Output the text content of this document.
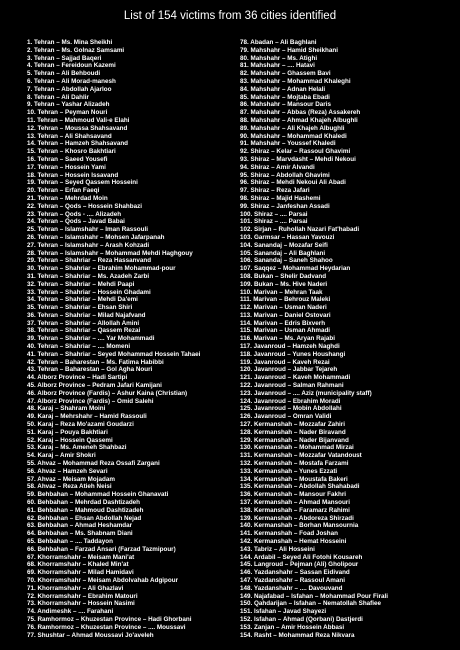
List of 154 victims from 36 cities identified
1. Tehran – Ms. Mina Sheikhi
2. Tehran – Ms. Golnaz Samsami
3. Tehran – Sajjad Baqeri
4. Tehran – Fereidoun Kazemi
5. Tehran – Ali Behboudi
6. Tehran – Ali Morad-manesh
7. Tehran – Abdollah Ajarloo
8. Tehran – Ali Dahlir
9. Tehran – Yashar Alizadeh
10. Tehran – Peyman Nouri
11. Tehran – Mahmoud Vali-e Elahi
12. Tehran – Moussa Shahsavand
13. Tehran – Ali Shahsavand
14. Tehran – Hamzeh Shahsavand
15. Tehran – Khosro Bakhtiari
16. Tehran – Saeed Yousefi
17. Tehran – Hossein Yami
18. Tehran – Hossein Issavand
19. Tehran – Seyed Qassem Hosseini
20. Tehran – Erfan Faeqi
21. Tehran – Mehrdad Moin
22. Tehran – Qods – Hossein Shahbazi
23. Tehran – Qods - .... Alizadeh
24. Tehran – Qods – Javad Babai
25. Tehran – Islamshahr – Iman Rassouli
26. Tehran – Islamshahr – Mohsen Jafarpanah
27. Tehran – Islamshahr – Arash Kohzadi
28. Tehran – Islamshahr – Mohammad Mehdi Haghgouy
29. Tehran – Shahriar – Reza Hassanvand
30. Tehran – Shahriar – Ebrahim Mohammad-pour
31. Tehran – Shahriar – Ms. Azadeh Zarbi
32. Tehran – Shahriar – Mehdi Paapi
33. Tehran – Shahriar – Hossein Ghadami
34. Tehran – Shahriar – Mehdi Da'emi
35. Tehran – Shahriar – Ehsan Shiri
36. Tehran – Shahriar – Milad Najafvand
37. Tehran – Shahriar – Allollah Amini
38. Tehran – Shahriar – Qassem Rezai
39. Tehran – Shahriar – .... Yar Mohammadi
40. Tehran – Shahriar – .... Momeni
41. Tehran – Shahriar – Seyed Mohammad Hossein Tahaei
42. Tehran – Baharestan – Ms. Fatima Habibbi
43. Tehran – Baharestan – Gol Agha Nouri
44. Alborz Province – Hadi Sartipi
45. Alborz Province – Pedram Jafari Kamijani
46. Alborz Province (Fardis) – Ashur Kaina (Christian)
47. Alborz Province (Fardis) – Omid Salehi
48. Karaj – Shahram Moini
49. Karaj – Mehrshahr – Hamid Rassouli
50. Karaj – Reza Mo'azami Goudarzi
51. Karaj – Pouya Bakhtiari
52. Karaj – Hossein Qassemi
53. Karaj – Ms. Ameneh Shahbazi
54. Karaj – Amir Shokri
55. Ahvaz – Mohammad Reza Ossafi Zargani
56. Ahvaz – Hamzeh Sevari
57. Ahvaz – Meisam Mojadam
58. Ahvaz – Reza Atieh Neisi
59. Behbahan – Mohammad Hossein Ghanavati
60. Behbahan – Mehrdad Dashtizadeh
61. Behbahan – Mahmoud Dashtizadeh
62. Behbahan – Ehsan Abdollah Nejad
63. Behbahan – Ahmad Heshamdar
64. Behbahan – Ms. Shabnam Diani
65. Behbahan – .... Taddayon
66. Behbahan – Farzad Ansari (Farzad Tazmipour)
67. Khorramshahr – Meisam Mani'at
68. Khorramshahr – Khaled Min'at
69. Khorramshahr – Milad Hamidavi
70. Khorramshahr – Meisam Abdolvahab Adgipour
71. Khorramshahr – Ali Ghazlavi
72. Khorramshahr – Ebrahim Matouri
73. Khorramshahr – Hossein Nasimi
74. Andimeshk – .... Farahani
75. Ramhormoz – Khuzestan Province – Hadi Ghorbani
76. Ramhormoz – Khuzestan Province – .... Moussavi
77. Shushtar – Ahmad Moussavi Jo'aveleh
78. Abadan – Ali Baghlani
79. Mahshahr – Hamid Sheikhani
80. Mahshahr – Ms. Atighi
81. Mahshahr – .... Hatavi
82. Mahshahr – Ghassem Bavi
83. Mahshahr – Mohammad Khaleghi
84. Mahshahr – Adnan Helali
85. Mahshahr – Mojtaba Ebadi
86. Mahshahr – Mansour Daris
87. Mahshahr – Abbas (Reza) Assakereh
88. Mahshahr – Ahmad Khajeh Albughli
89. Mahshahr – Ali Khajeh Albughli
90. Mahshahr – Mohammad Khaledi
91. Mahshahr – Youssef Khaledi
92. Shiraz – Kelar – Rassoul Ghavimi
93. Shiraz – Marvdasht – Mehdi Nekoui
94. Shiraz – Amir Alvandi
95. Shiraz – Abdollah Ghavimi
96. Shiraz – Mehdi Nekoui Ali Abadi
97. Shiraz – Reza Jafari
98. Shiraz – Majid Hashemi
99. Shiraz – Janfeshan Assadi
100. Shiraz – .... Parsai
101. Shiraz – .... Parsai
102. Sirjan – Ruhollah Nazari Fat'habadi
103. Garmsar – Hassan Yavouzi
104. Sanandaj – Mozafar Seifi
105. Sanandaj – Ali Baghlani
106. Sanandaj – Saneh Shahoo
107. Saqqez – Mohammad Heydarian
108. Bukan – Shelir Dadvand
109. Bukan – Ms. Hive Naderi
110. Marivan – Mehran Taak
111. Marivan – Behrouz Maleki
112. Marivan – Usman Naderi
113. Marivan – Daniel Ostovari
114. Marivan – Edris Bixverh
115. Marivan – Usman Ahmadi
116. Marivan – Ms. Aryan Rajabi
117. Javanroud – Hamzeh Naghdi
118. Javanroud – Yunes Houshangi
119. Javanroud – Kaveh Rezai
120. Javanroud – Jabbar Tejareh
121. Javanroud – Kaveh Mohammadi
122. Javanroud – Salman Rahmani
123. Javanroud – .... Aziz (municipality staff)
124. Javanroud – Ebrahim Moradi
125. Javanroud – Mobin Abdollahi
126. Javanroud – Omran Validi
127. Kermanshah – Mozzafar Zahiri
128. Kermanshah – Nader Biravand
129. Kermanshah – Nader Bijanvand
130. Kermanshah – Mohammad Mirzai
131. Kermanshah – Mozzafar Vatandoust
132. Kermanshah – Mostafa Farzami
133. Kermanshah – Yunes Ezzati
134. Kermanshah – Moustafa Bakeri
135. Kermanshah – Abdollah Shahabadi
136. Kermanshah – Mansour Fakhri
137. Kermanshah – Ahmad Mansouri
138. Kermanshah – Faramarz Rahimi
139. Kermanshah – Abdoreza Shirzadi
140. Kermanshah – Borhan Mansournia
141. Kermanshah – Foad Joshan
142. Kermanshah – Hemat Hosseini
143. Tabriz – Ali Hosseini
144. Ardabil – Seyed Ali Fotohi Kousareh
145. Langroud – Pejman (Ali) Gholipour
146. Yazdanshahr – Sassan Eidivand
147. Yazdanshahr – Rassoul Amani
148. Yazdanshahr – .... Davouvand
149. Najafabad – Isfahan – Mohammad Pour Firali
150. Qahdarijan – Isfahan – Nematollah Shafiee
151. Isfahan – Javad Shayezi
152. Isfahan – Ahmad (Qorbani) Dastjerdi
153. Zanjan – Amir Hossein Abbasi
154. Rasht – Mohammad Reza Nikvara
